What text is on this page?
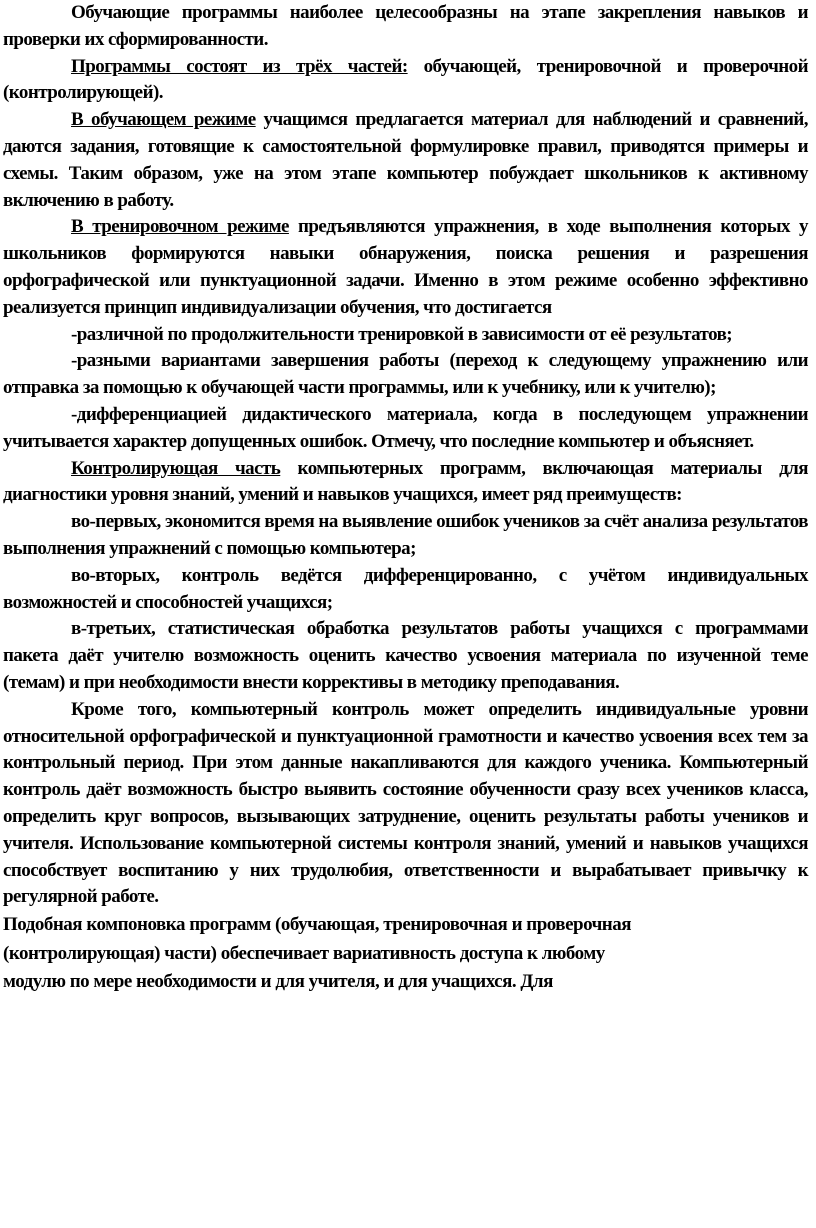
Обучающие программы наиболее целесообразны на этапе закрепления навыков и проверки их сформированности.

Программы состоят из трёх частей: обучающей, тренировочной и проверочной (контролирующей).

В обучающем режиме учащимся предлагается материал для наблюдений и сравнений, даются задания, готовящие к самостоятельной формулировке правил, приводятся примеры и схемы. Таким образом, уже на этом этапе компьютер побуждает школьников к активному включению в работу.

В тренировочном режиме предъявляются упражнения, в ходе выполнения которых у школьников формируются навыки обнаружения, поиска решения и разрешения орфографической или пунктуационной задачи. Именно в этом режиме особенно эффективно реализуется принцип индивидуализации обучения, что достигается

-различной по продолжительности тренировкой в зависимости от её результатов;

-разными вариантами завершения работы (переход к следующему упражнению или отправка за помощью к обучающей части программы, или к учебнику, или к учителю);

-дифференциацией дидактического материала, когда в последующем упражнении учитывается характер допущенных ошибок. Отмечу, что последние компьютер и объясняет.

Контролирующая часть компьютерных программ, включающая материалы для диагностики уровня знаний, умений и навыков учащихся, имеет ряд преимуществ:

во-первых, экономится время на выявление ошибок учеников за счёт анализа результатов выполнения упражнений с помощью компьютера;

во-вторых, контроль ведётся дифференцированно, с учётом индивидуальных возможностей и способностей учащихся;

в-третьих, статистическая обработка результатов работы учащихся с программами пакета даёт учителю возможность оценить качество усвоения материала по изученной теме (темам) и при необходимости внести коррективы в методику преподавания.

Кроме того, компьютерный контроль может определить индивидуальные уровни относительной орфографической и пунктуационной грамотности и качество усвоения всех тем за контрольный период. При этом данные накапливаются для каждого ученика. Компьютерный контроль даёт возможность быстро выявить состояние обученности сразу всех учеников класса, определить круг вопросов, вызывающих затруднение, оценить результаты работы учеников и учителя. Использование компьютерной системы контроля знаний, умений и навыков учащихся способствует воспитанию у них трудолюбия, ответственности и вырабатывает привычку к регулярной работе.

Подобная компоновка программ (обучающая, тренировочная и проверочная

(контролирующая) части) обеспечивает вариативность доступа к любому

модулю по мере необходимости и для учителя, и для учащихся. Для
